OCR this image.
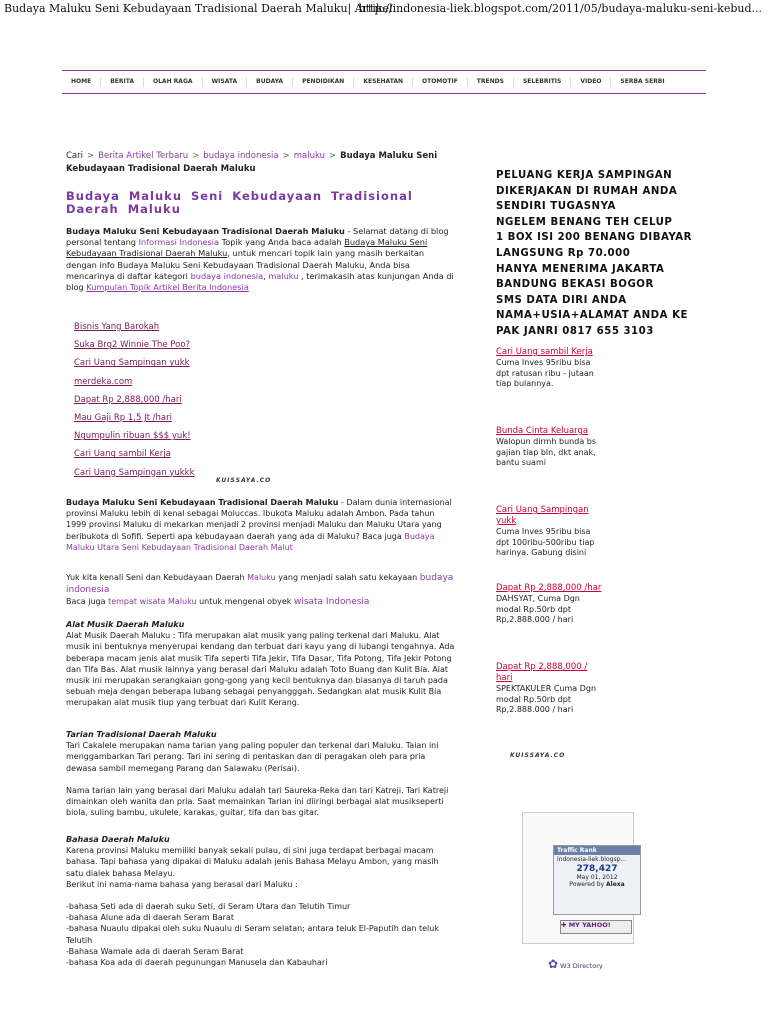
Budaya Maluku Seni Kebudayaan Tradisional Daerah Maluku| Artikel ...
http://indonesia-liek.blogspot.com/2011/05/budaya-maluku-seni-kebud...
HOME	BERITA	OLAH RAGA	WISATA	BUDAYA	PENDIDIKAN	KESEHATAN	OTOMOTIF	TRENDS	SELEBRITIS	VIDEO	SERBA SERBI
Cari > Berita Artikel Terbaru > budaya indonesia > maluku > Budaya Maluku Seni Kebudayaan Tradisional Daerah Maluku
Budaya Maluku Seni Kebudayaan Tradisional Daerah Maluku
Budaya Maluku Seni Kebudayaan Tradisional Daerah Maluku - Selamat datang di blog personal tentang Informasi Indonesia Topik yang Anda baca adalah Budaya Maluku Seni Kebudayaan Tradisional Daerah Maluku, untuk mencari topik lain yang masih berkaitan dengan info Budaya Maluku Seni Kebudayaan Tradisional Daerah Maluku, Anda bisa mencarinya di daftar kategori budaya indonesia, maluku , terimakasih atas kunjungan Anda di blog Kumpulan Topik Artikel Berita Indonesia
Bisnis Yang Barokah
Suka Brg2 Winnie The Poo?
Cari Uang Sampingan yukk
merdeka.com
Dapat Rp 2,888,000 /hari
Mau Gaji Rp 1,5 Jt /hari
Ngumpulin ribuan $$$ yuk!
Cari Uang sambil Kerja
Cari Uang Sampingan yukkk
KUISSAYA.CO
Budaya Maluku Seni Kebudayaan Tradisional Daerah Maluku - Dalam dunia internasional provinsi Maluku lebih di kenal sebagai Moluccas. Ibukota Maluku adalah Ambon. Pada tahun 1999 provinsi Maluku di mekarkan menjadi 2 provinsi menjadi Maluku dan Maluku Utara yang beribukota di Sofifi. Seperti apa kebudayaan daerah yang ada di Maluku? Baca juga Budaya Maluku Utara Seni Kebudayaan Tradisional Daerah Malut
Yuk kita kenali Seni dan Kebudayaan Daerah Maluku yang menjadi salah satu kekayaan budaya indonesia
Baca juga tempat wisata Maluku untuk mengenal obyek wisata Indonesia
Alat Musik Daerah Maluku
Alat Musik Daerah Maluku : Tifa merupakan alat musik yang paling terkenal dari Maluku. Alat musik ini bentuknya menyerupai kendang dan terbuat dari kayu yang di lubangi tengahnya. Ada beberapa macam jenis alat musik Tifa seperti Tifa Jekir, Tifa Dasar, Tifa Potong, Tifa Jekir Potong dan Tifa Bas. Alat musik lainnya yang berasal dari Maluku adalah Toto Buang dan Kulit Bia. Alat musik ini merupakan serangkaian gong-gong yang kecil bentuknya dan biasanya di taruh pada sebuah meja dengan beberapa lubang sebagai penyangggah. Sedangkan alat musik Kulit Bia merupakan alat musik tiup yang terbuat dari Kulit Kerang.
Tarian Tradisional Daerah Maluku
Tari Cakalele merupakan nama tarian yang paling populer dan terkenal dari Maluku. Taian ini menggambarkan Tari perang. Tari ini sering di pentaskan dan di peragakan oleh para pria dewasa sambil memegang Parang dan Salawaku (Perisai).
Nama tarian lain yang berasal dari Maluku adalah tari Saureka-Reka dan tari Katreji. Tari Katreji dimainkan oleh wanita dan pria. Saat memainkan Tarian ini diiringi berbagai alat musikseperti biola, suling bambu, ukulele, karakas, guitar, tifa dan bas gitar.
Bahasa Daerah Maluku
Karena provinsi Maluku memiliki banyak sekali pulau, di sini juga terdapat berbagai macam bahasa. Tapi bahasa yang dipakai di Maluku adalah jenis Bahasa Melayu Ambon, yang masih satu dialek bahasa Melayu.
Berikut ini nama-nama bahasa yang berasal dari Maluku :
-bahasa Seti ada di daerah suku Seti, di Seram Utara dan Telutih Timur
-bahasa Alune ada di daerah Seram Barat
-bahasa Nuaulu dipakai oleh suku Nuaulu di Seram selatan; antara teluk El-Paputih dan teluk Telutih
-Bahasa Wamale ada di daerah Seram Barat
-bahasa Koa ada di daerah pegunungan Manusela dan Kabauhari
PELUANG KERJA SAMPINGAN
DIKERJAKAN DI RUMAH ANDA
SENDIRI TUGASNYA
NGELEM BENANG TEH CELUP
1 BOX ISI 200 BENANG DIBAYAR
LANGSUNG Rp 70.000
HANYA MENERIMA JAKARTA
BANDUNG BEKASI BOGOR
SMS DATA DIRI ANDA
NAMA+USIA+ALAMAT ANDA KE
PAK JANRI 0817 655 3103
Cari Uang sambil Kerja
Cuma Inves 95ribu bisa dpt ratusan ribu - jutaan tiap bulannya.
Bunda Cinta Keluarga
Walopun dirmh bunda bs gajian tiap bln, dkt anak, bantu suami
Cari Uang Sampingan yukk
Cuma Inves 95ribu bisa dpt 100ribu-500ribu tiap harinya. Gabung disini
Dapat Rp 2,888,000 /har
DAHSYAT, Cuma Dgn modal Rp.50rb dpt Rp,2.888.000 / hari
Dapat Rp 2,888,000 / hari
SPEKTAKULER Cuma Dgn modal Rp.50rb dpt Rp,2.888.000 / hari
KUISSAYA.CO
Traffic Rank
indonesia-liek.blogsp...
278,427
May 01, 2012
Powered by Alexa
✚ MY YAHOO!
✿ W3 Directory
